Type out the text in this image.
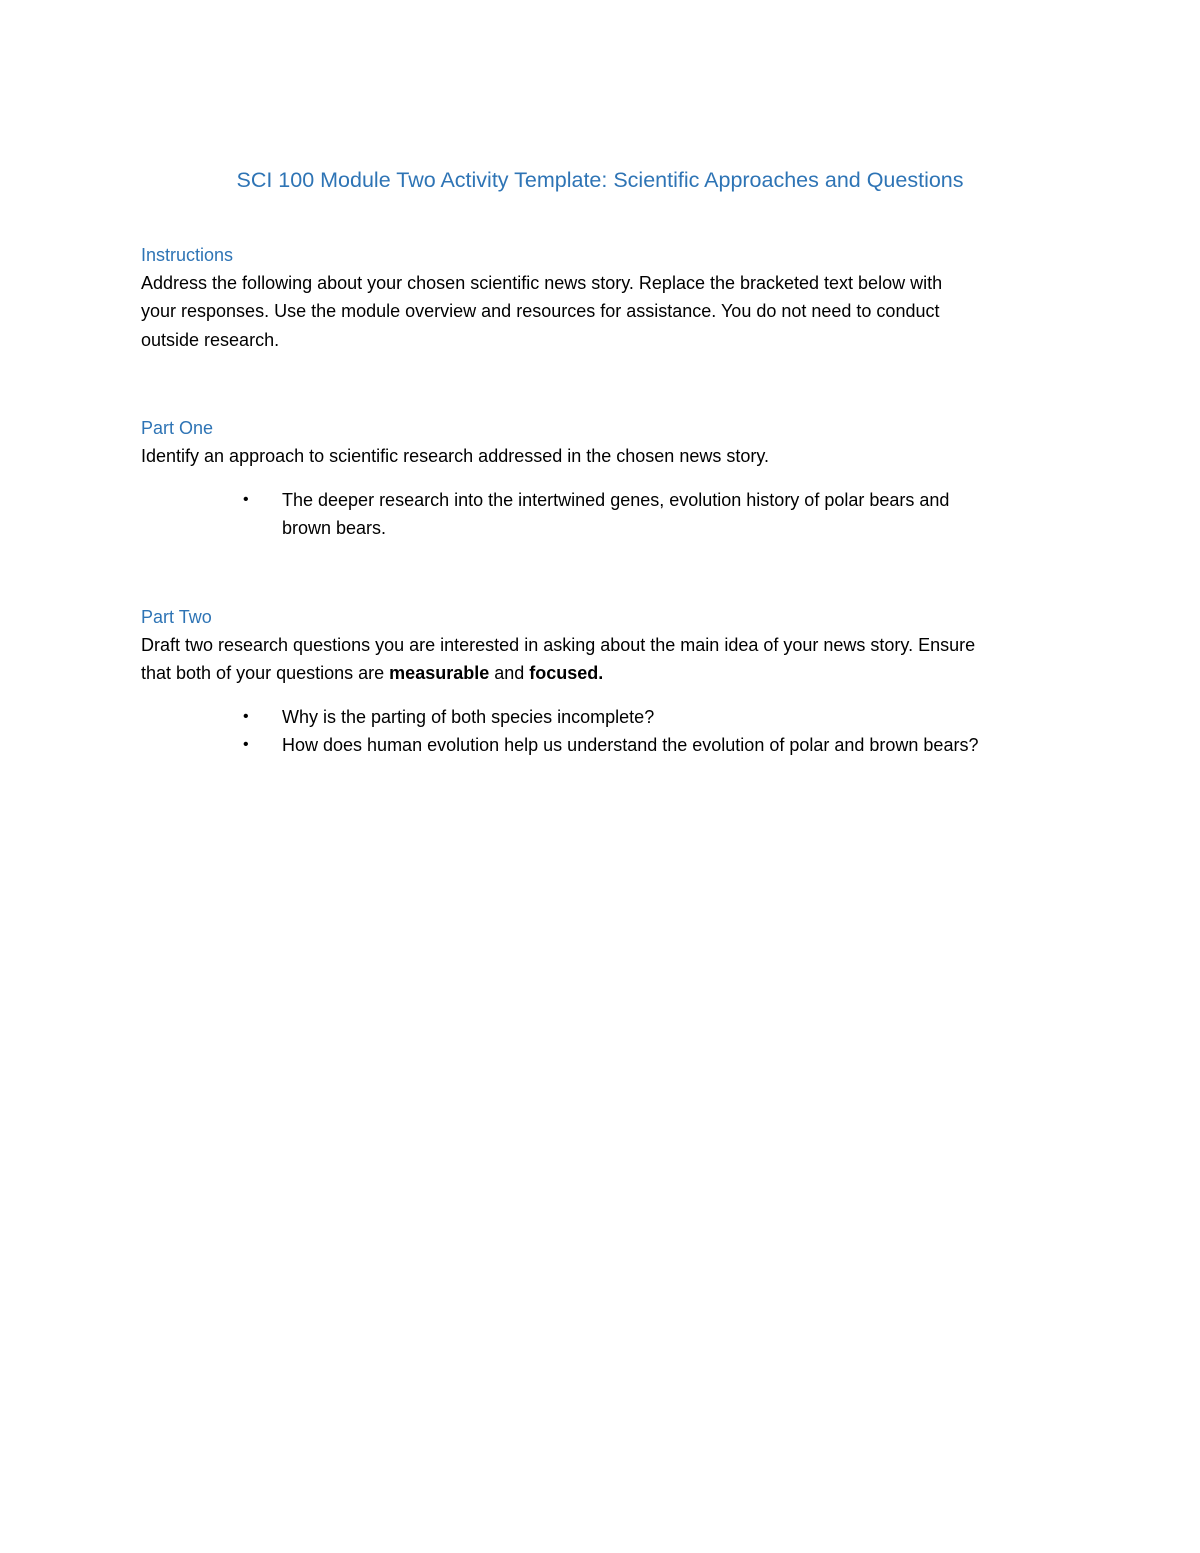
SCI 100 Module Two Activity Template: Scientific Approaches and Questions
Instructions
Address the following about your chosen scientific news story. Replace the bracketed text below with
your responses. Use the module overview and resources for assistance. You do not need to conduct
outside research.
Part One
Identify an approach to scientific research addressed in the chosen news story.
•	The deeper research into the intertwined genes, evolution history of polar bears and
brown bears.
Part Two
Draft two research questions you are interested in asking about the main idea of your news story. Ensure
that both of your questions are measurable and focused.
•	Why is the parting of both species incomplete?
•	How does human evolution help us understand the evolution of polar and brown bears?
